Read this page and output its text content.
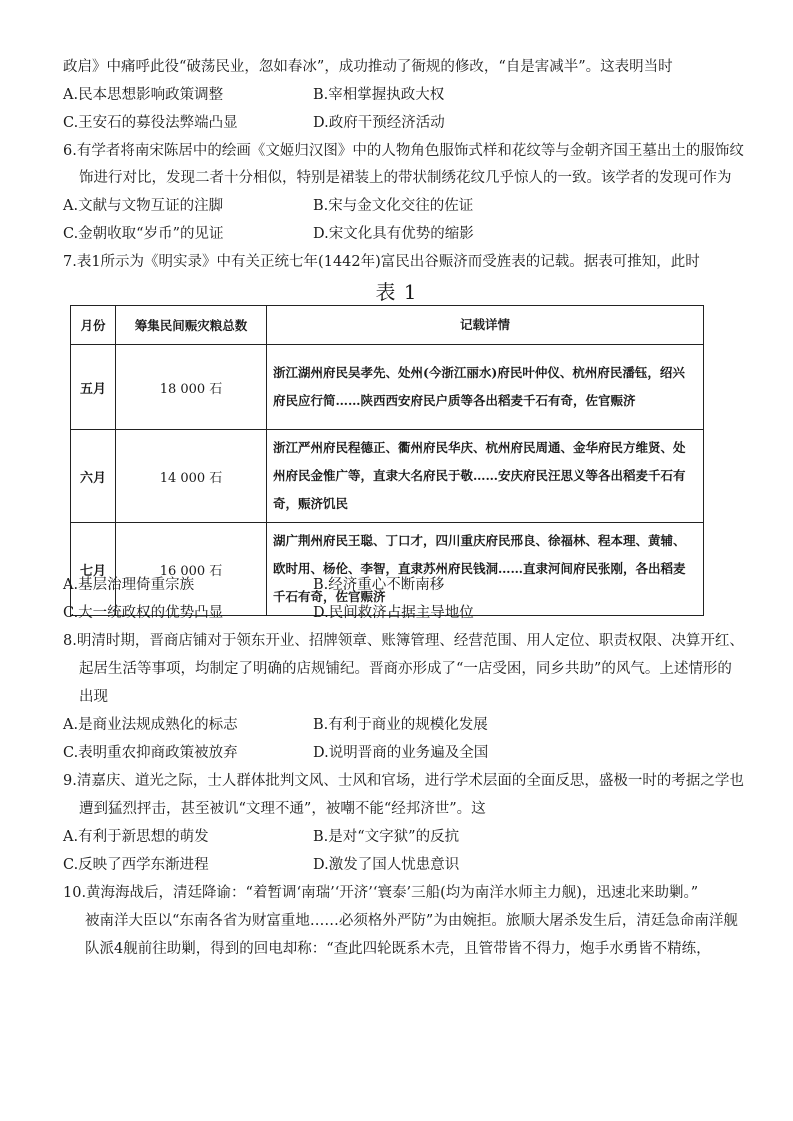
政启》中痛呼此役“破荡民业，忽如春冰”，成功推动了衙规的修改，“自是害减半”。这表明当时
A.民本思想影响政策调整	B.宰相掌握执政大权
C.王安石的募役法弊端凸显	D.政府干预经济活动
6.有学者将南宋陈居中的绘画《文姬归汉图》中的人物角色服饰式样和花纹等与金朝齐国王墓出土的服饰纹
饰进行对比，发现二者十分相似，特别是裙装上的带状制绣花纹几乎惊人的一致。该学者的发现可作为
A.文献与文物互证的注脚	B.宋与金文化交往的佐证
C.金朝收取“岁币”的见证	D.宋文化具有优势的缩影
7.表1所示为《明实录》中有关正统七年(1442年)富民出谷赈济而受旌表的记载。据表可推知，此时
表 1
月份	筹集民间赈灾粮总数	记载详情
五月	18 000 石	浙江湖州府民吴孝先、处州(今浙江丽水)府民叶仲仪、杭州府民潘钰，绍兴府民应行简……陕西西安府民户质等各出稻麦千石有奇，佐官赈济
六月	14 000 石	浙江严州府民程德正、衢州府民华庆、杭州府民周通、金华府民方维贤、处州府民金惟广等，直隶大名府民于敬……安庆府民汪思义等各出稻麦千石有奇，赈济饥民
七月	16 000 石	湖广荆州府民王聪、丁口才，四川重庆府民邢良、徐福林、程本理、黄辅、欧时用、杨伦、李智，直隶苏州府民钱洞……直隶河间府民张刚，各出稻麦千石有奇，佐官赈济
A.基层治理倚重宗族	B.经济重心不断南移
C.大一统政权的优势凸显	D.民间救济占据主导地位
8.明清时期，晋商店铺对于领东开业、招牌领章、账簿管理、经营范围、用人定位、职责权限、决算开红、
起居生活等事项，均制定了明确的店规铺纪。晋商亦形成了“一店受困，同乡共助”的风气。上述情形的
出现
A.是商业法规成熟化的标志	B.有利于商业的规模化发展
C.表明重农抑商政策被放弃	D.说明晋商的业务遍及全国
9.清嘉庆、道光之际，士人群体批判文风、士风和官场，进行学术层面的全面反思，盛极一时的考据之学也
遭到猛烈抨击，甚至被讥“文理不通”，被嘲不能“经邦济世”。这
A.有利于新思想的萌发	B.是对“文字狱”的反抗
C.反映了西学东渐进程	D.激发了国人忧患意识
10.黄海海战后，清廷降谕：“着暂调‘南瑞’‘开济’‘寰泰’三船(均为南洋水师主力舰)，迅速北来助剿。”
被南洋大臣以“东南各省为财富重地……必须格外严防”为由婉拒。旅顺大屠杀发生后，清廷急命南洋舰
队派4舰前往助剿，得到的回电却称：“查此四轮既系木壳，且管带皆不得力，炮手水勇皆不精练，
